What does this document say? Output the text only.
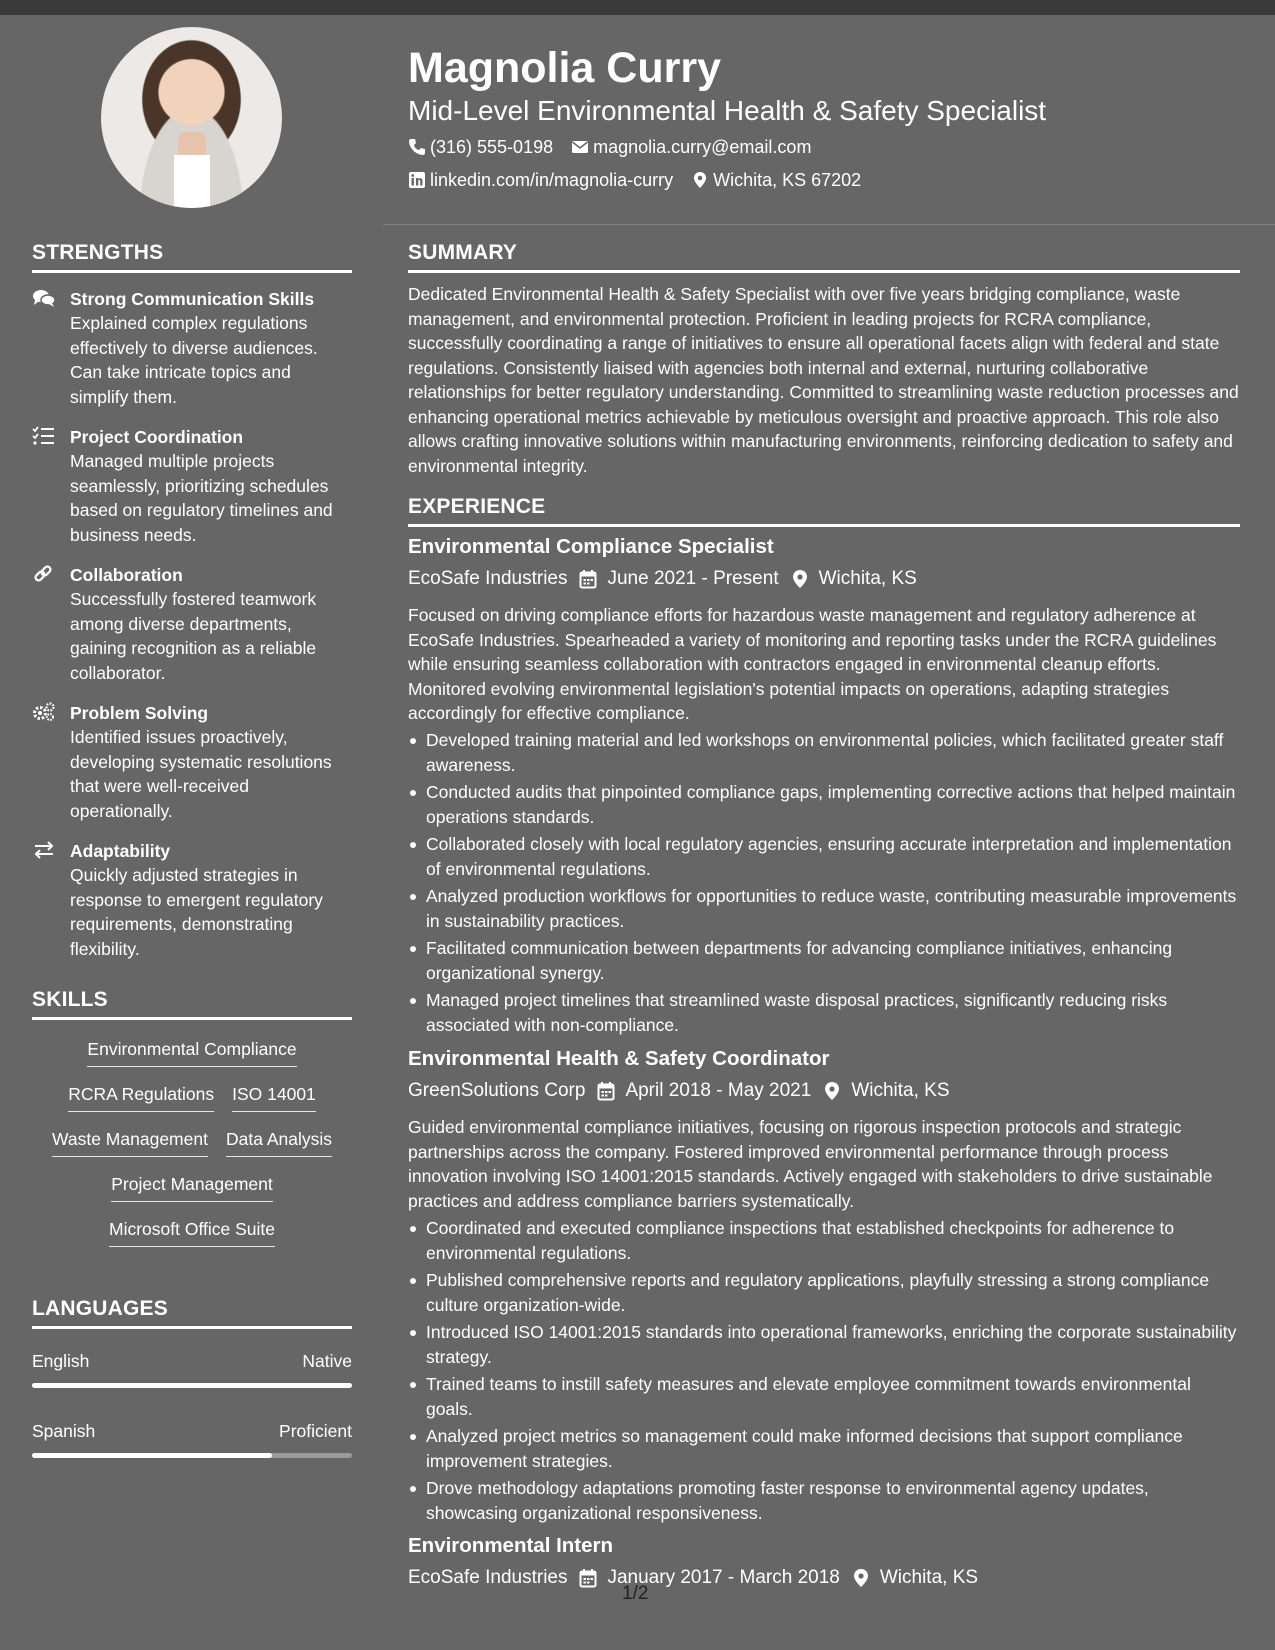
STRENGTHS
Strong Communication Skills
Explained complex regulations effectively to diverse audiences. Can take intricate topics and simplify them.
Project Coordination
Managed multiple projects seamlessly, prioritizing schedules based on regulatory timelines and business needs.
Collaboration
Successfully fostered teamwork among diverse departments, gaining recognition as a reliable collaborator.
Problem Solving
Identified issues proactively, developing systematic resolutions that were well-received operationally.
Adaptability
Quickly adjusted strategies in response to emergent regulatory requirements, demonstrating flexibility.
SKILLS
Environmental Compliance
RCRA Regulations ISO 14001
Waste Management Data Analysis
Project Management
Microsoft Office Suite
LANGUAGES
English	Native
Spanish	Proficient
Magnolia Curry
Mid-Level Environmental Health & Safety Specialist
(316) 555-0198 magnolia.curry@email.com
linkedin.com/in/magnolia-curry Wichita, KS 67202
SUMMARY
Dedicated Environmental Health & Safety Specialist with over five years bridging compliance, waste management, and environmental protection. Proficient in leading projects for RCRA compliance, successfully coordinating a range of initiatives to ensure all operational facets align with federal and state regulations. Consistently liaised with agencies both internal and external, nurturing collaborative relationships for better regulatory understanding. Committed to streamlining waste reduction processes and enhancing operational metrics achievable by meticulous oversight and proactive approach. This role also allows crafting innovative solutions within manufacturing environments, reinforcing dedication to safety and environmental integrity.
EXPERIENCE
Environmental Compliance Specialist
EcoSafe Industries June 2021 - Present Wichita, KS
Focused on driving compliance efforts for hazardous waste management and regulatory adherence at EcoSafe Industries. Spearheaded a variety of monitoring and reporting tasks under the RCRA guidelines while ensuring seamless collaboration with contractors engaged in environmental cleanup efforts. Monitored evolving environmental legislation's potential impacts on operations, adapting strategies accordingly for effective compliance.
Developed training material and led workshops on environmental policies, which facilitated greater staff awareness.
Conducted audits that pinpointed compliance gaps, implementing corrective actions that helped maintain operations standards.
Collaborated closely with local regulatory agencies, ensuring accurate interpretation and implementation of environmental regulations.
Analyzed production workflows for opportunities to reduce waste, contributing measurable improvements in sustainability practices.
Facilitated communication between departments for advancing compliance initiatives, enhancing organizational synergy.
Managed project timelines that streamlined waste disposal practices, significantly reducing risks associated with non-compliance.
Environmental Health & Safety Coordinator
GreenSolutions Corp April 2018 - May 2021 Wichita, KS
Guided environmental compliance initiatives, focusing on rigorous inspection protocols and strategic partnerships across the company. Fostered improved environmental performance through process innovation involving ISO 14001:2015 standards. Actively engaged with stakeholders to drive sustainable practices and address compliance barriers systematically.
Coordinated and executed compliance inspections that established checkpoints for adherence to environmental regulations.
Published comprehensive reports and regulatory applications, playfully stressing a strong compliance culture organization-wide.
Introduced ISO 14001:2015 standards into operational frameworks, enriching the corporate sustainability strategy.
Trained teams to instill safety measures and elevate employee commitment towards environmental goals.
Analyzed project metrics so management could make informed decisions that support compliance improvement strategies.
Drove methodology adaptations promoting faster response to environmental agency updates, showcasing organizational responsiveness.
Environmental Intern
EcoSafe Industries January 2017 - March 2018 Wichita, KS
1/2
